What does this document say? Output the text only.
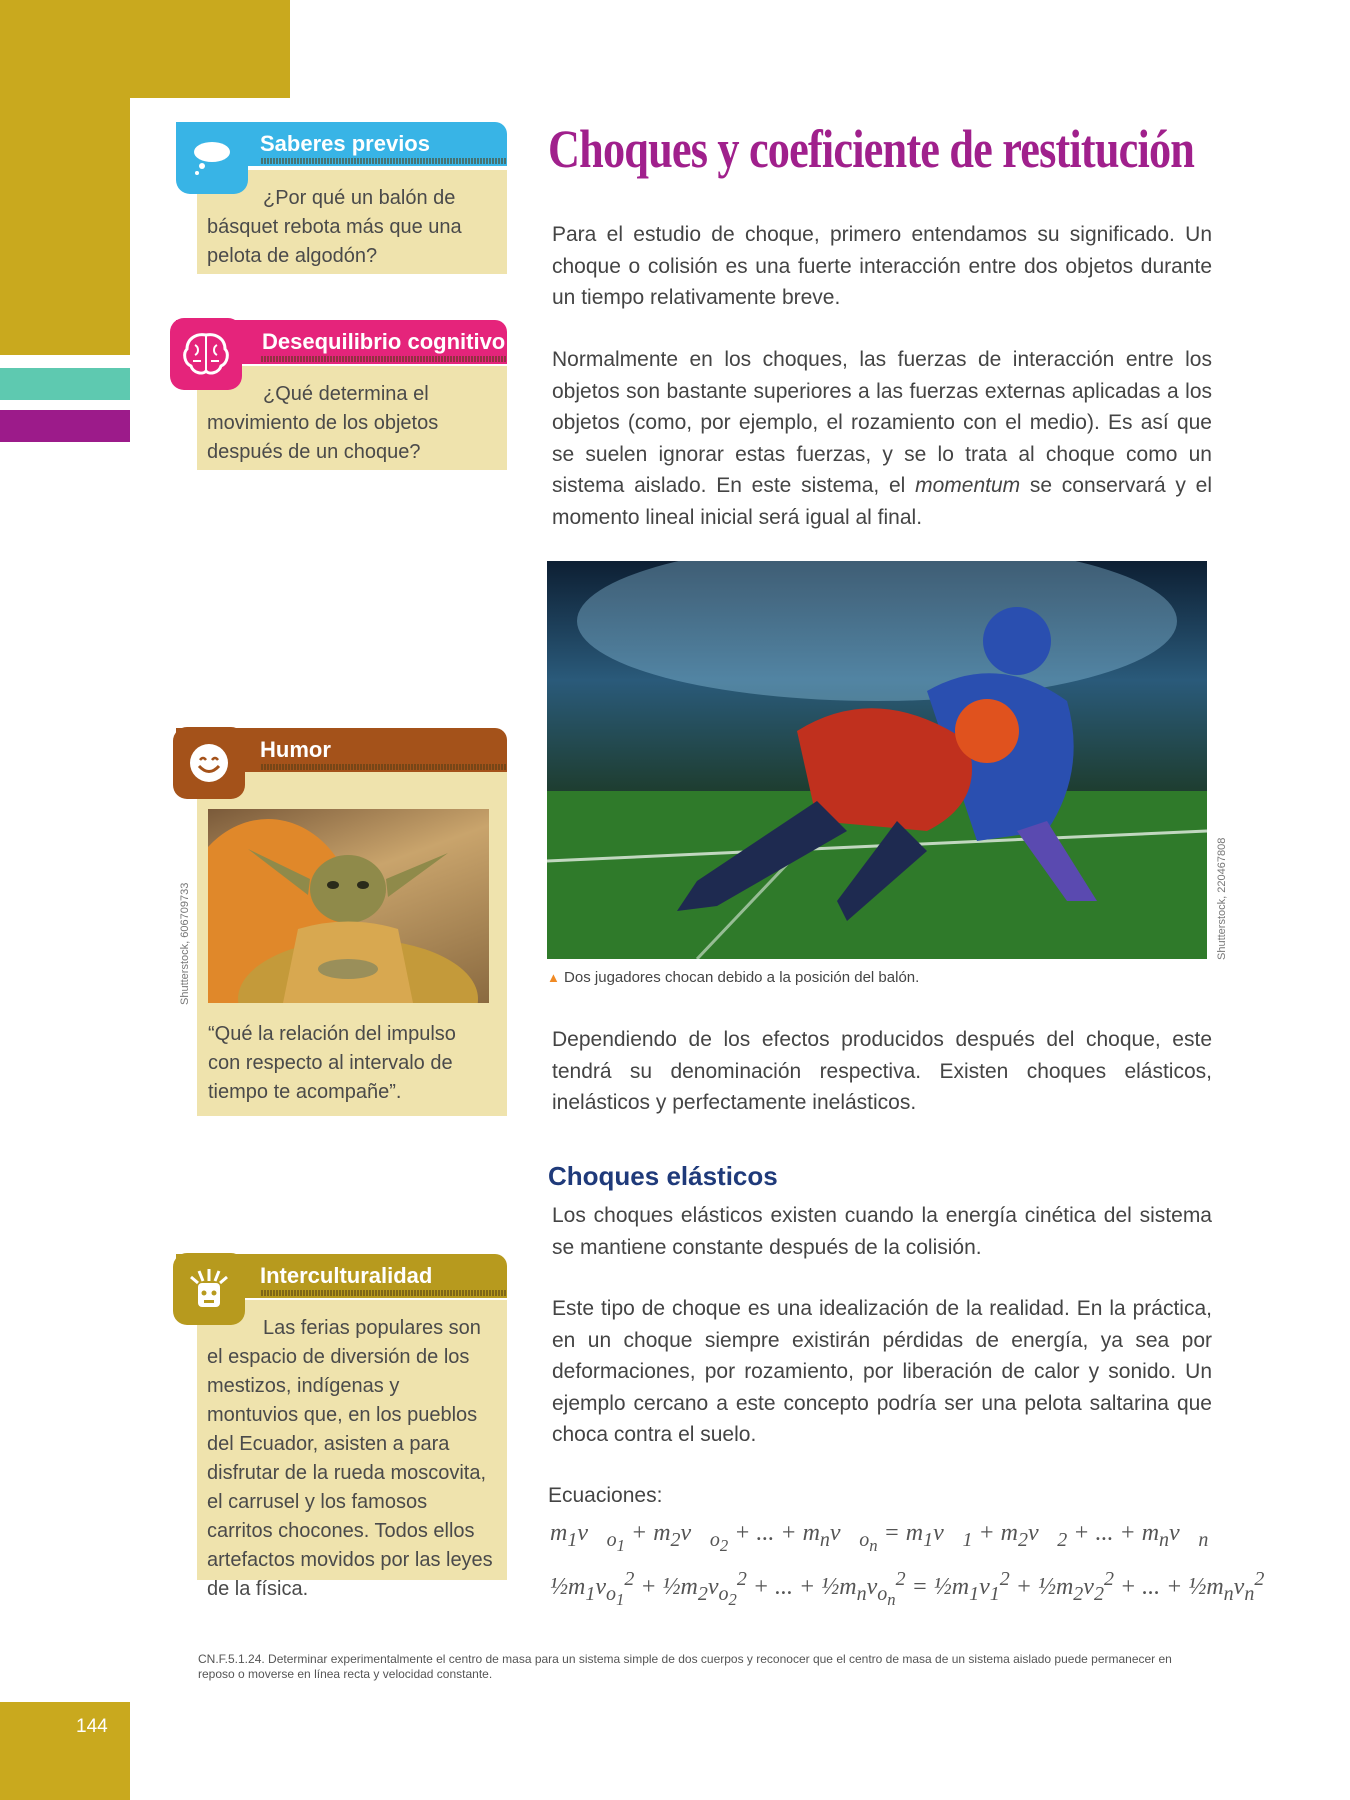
144

¿Por qué un balón de básquet rebota más que una pelota de algodón?

Saberes previos

¿Qué determina el movimiento de los objetos después de un choque?

Desequilibrio cognitivo

“Qué la relación del impulso con respecto al intervalo de tiempo te acompañe”.

Humor
Shutterstock, 606709733

Las ferias populares son el espacio de diversión de los mestizos, indígenas y montuvios que, en los pueblos del Ecuador, asisten a para disfrutar de la rueda moscovita, el carrusel y los famosos carritos chocones. Todos ellos artefactos movidos por las leyes de la física.

Interculturalidad
Choques y coeficiente de restitución

Para el estudio de choque, primero entendamos su significado. Un choque o colisión es una fuerte interacción entre dos objetos durante un tiempo relativamente breve.

Normalmente en los choques, las fuerzas de interacción entre los objetos son bastante superiores a las fuerzas externas aplicadas a los objetos (como, por ejemplo, el rozamiento con el medio). Es así que se suelen ignorar estas fuerzas, y se lo trata al choque como un sistema aislado. En este sistema, el momentum se conservará y el momento lineal inicial será igual al final.

Shutterstock, 220467808
▲ Dos jugadores chocan debido a la posición del balón.

Dependiendo de los efectos producidos después del choque, este tendrá su denominación respectiva. Existen choques elásticos, inelásticos y perfectamente inelásticos.

Choques elásticos

Los choques elásticos existen cuando la energía cinética del sistema se mantiene constante después de la colisión.

Este tipo de choque es una idealización de la realidad. En la práctica, en un choque siempre existirán pérdidas de energía, ya sea por deformaciones, por rozamiento, por liberación de calor y sonido. Un ejemplo cercano a este concepto podría ser una pelota saltarina que choca contra el suelo.

Ecuaciones:
$m_1v⃗_{o_1}$ + $m_2v⃗_{o_2}$ + ... + $m_nv⃗_{o_n}$ = $m_1v⃗_1$ + $m_2v⃗_2$ + ... + $m_nv⃗_n$
$\frac{1}{2}m_1v_{o_1}^2$ + $\frac{1}{2}m_2v_{o_2}^2$ + ... + $\frac{1}{2}m_nv_{o_n}^2$ = $\frac{1}{2}m_1v_1^2$ + $\frac{1}{2}m_2v_2^2$ + ... + $\frac{1}{2}m_nv_n^2$
CN.F.5.1.24. Determinar experimentalmente el centro de masa para un sistema simple de dos cuerpos y reconocer que el centro de masa de un sistema aislado puede permanecer en reposo o moverse en línea recta y velocidad constante.
